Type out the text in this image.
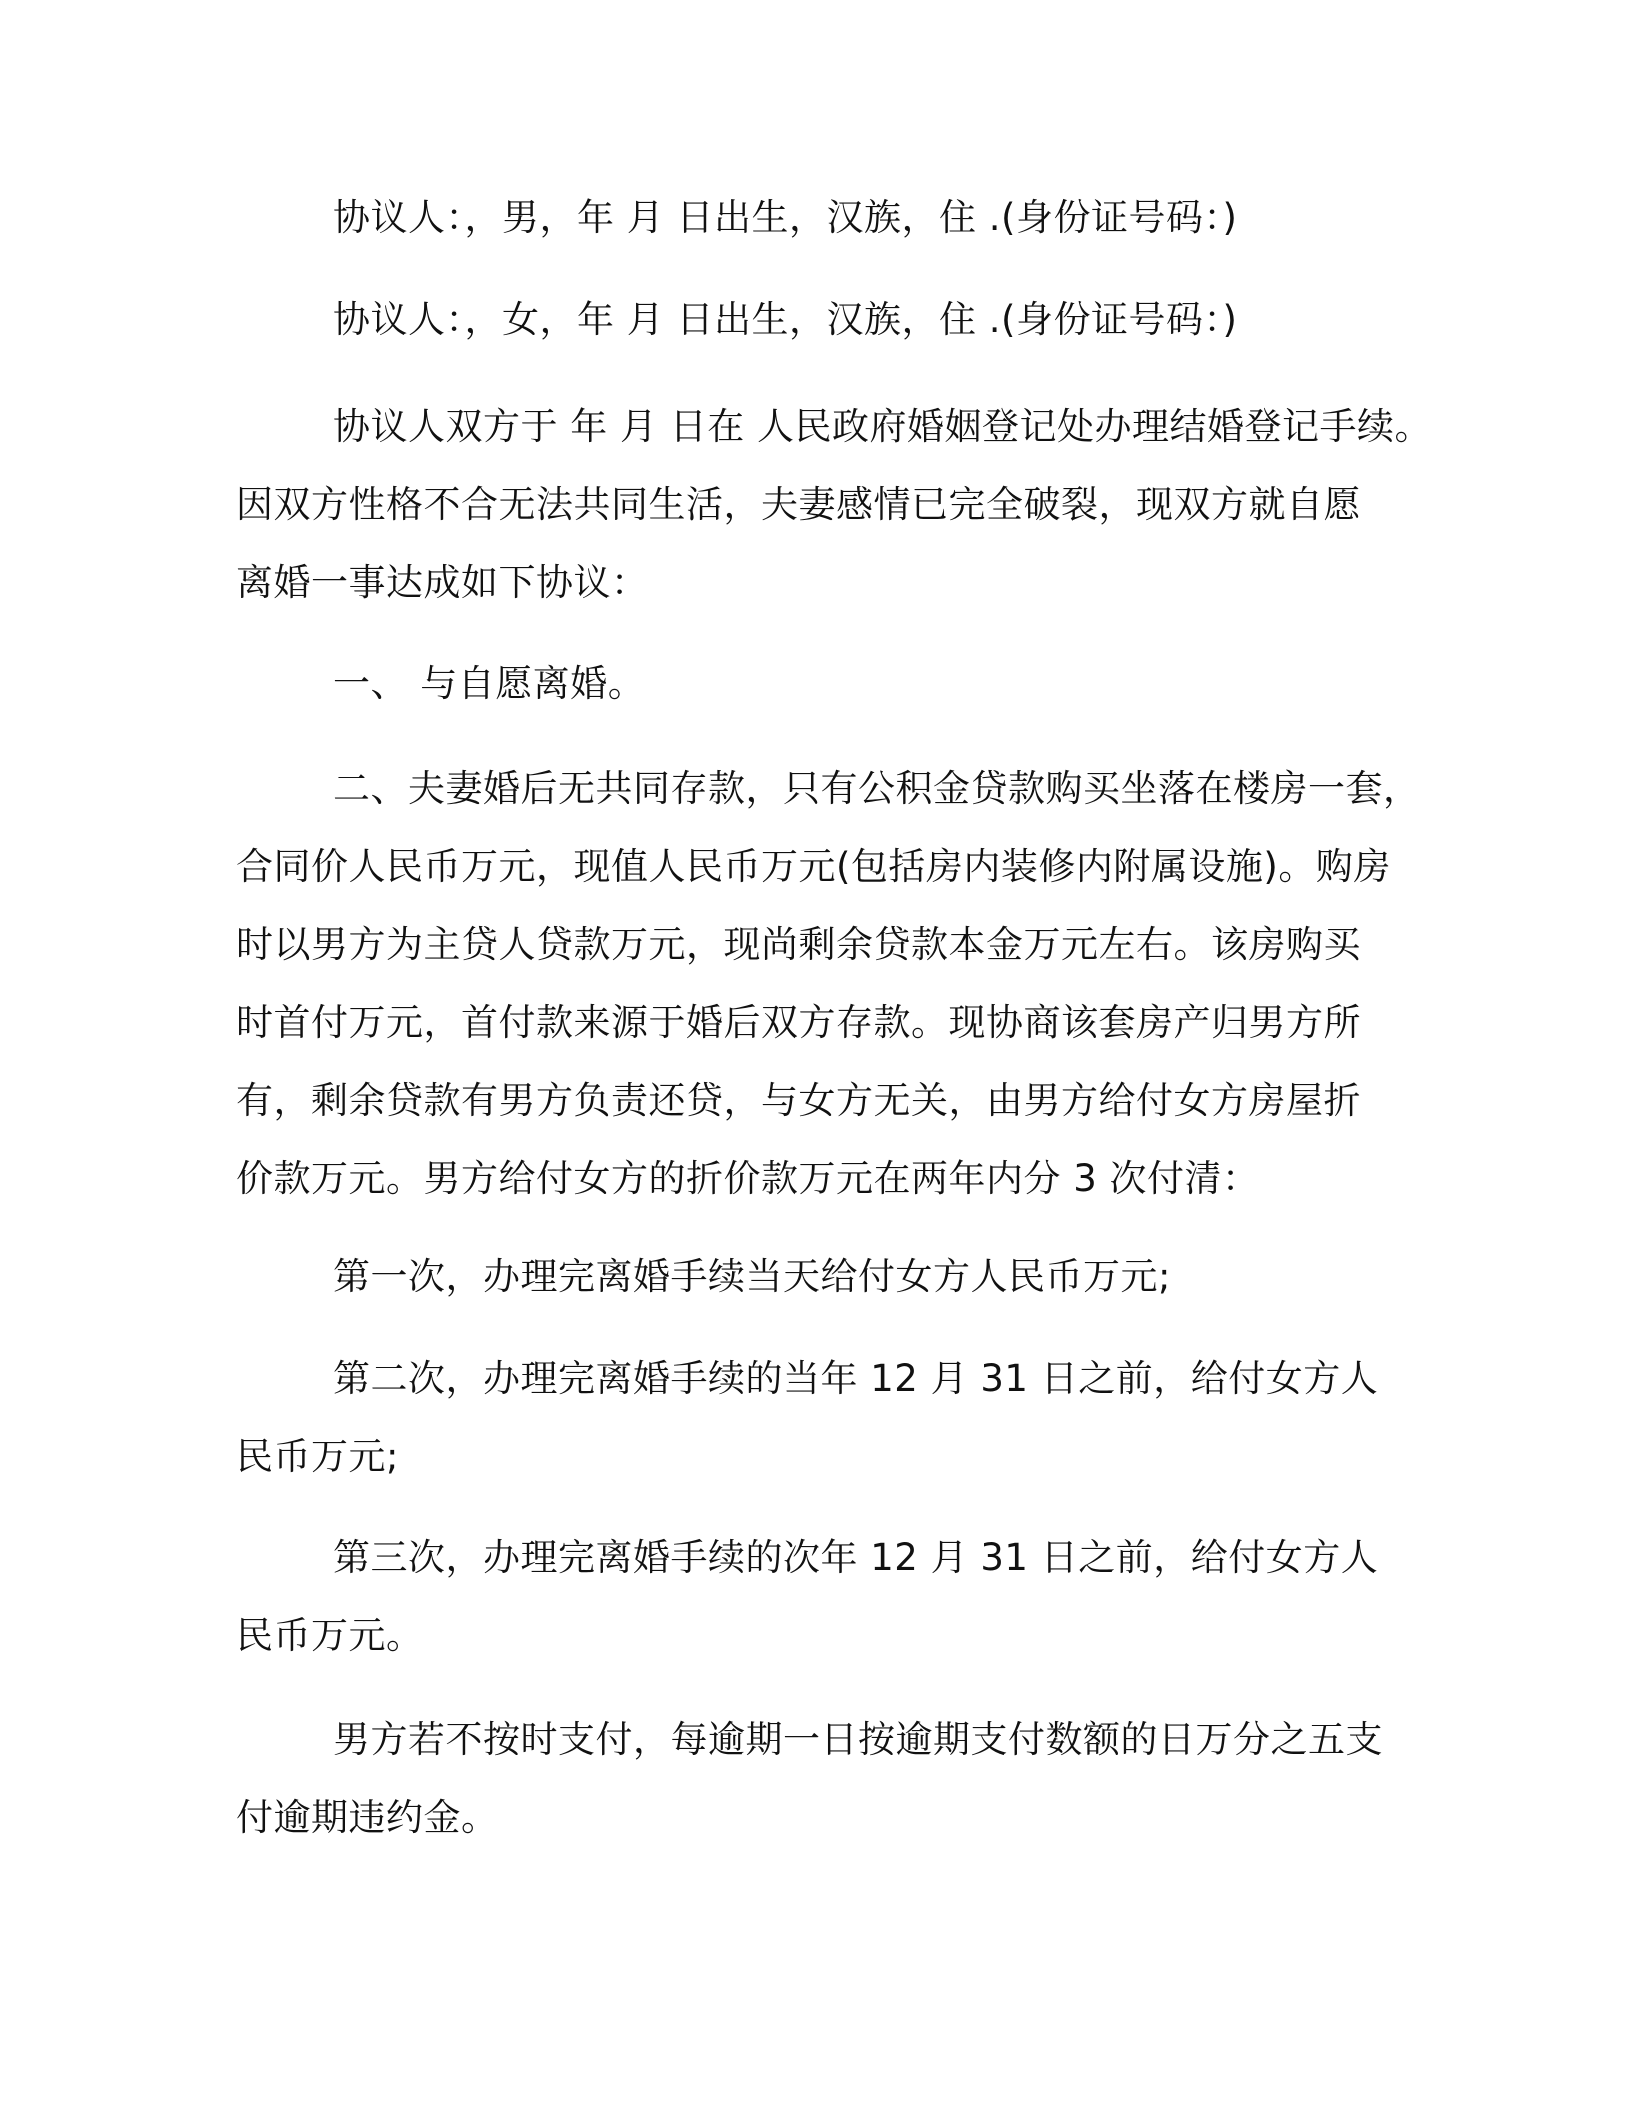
协议人：，男，年 月 日出生，汉族，住 .(身份证号码：)

协议人：，女，年 月 日出生，汉族，住 .(身份证号码：)

协议人双方于 年 月 日在 人民政府婚姻登记处办理结婚登记手续。
因双方性格不合无法共同生活，夫妻感情已完全破裂，现双方就自愿
离婚一事达成如下协议：

一、 与自愿离婚。

二、夫妻婚后无共同存款，只有公积金贷款购买坐落在楼房一套，
合同价人民币万元，现值人民币万元(包括房内装修内附属设施)。购房
时以男方为主贷人贷款万元，现尚剩余贷款本金万元左右。该房购买
时首付万元，首付款来源于婚后双方存款。现协商该套房产归男方所
有，剩余贷款有男方负责还贷，与女方无关，由男方给付女方房屋折
价款万元。男方给付女方的折价款万元在两年内分 3 次付清：

第一次，办理完离婚手续当天给付女方人民币万元;

第二次，办理完离婚手续的当年 12 月 31 日之前，给付女方人
民币万元;

第三次，办理完离婚手续的次年 12 月 31 日之前，给付女方人
民币万元。

男方若不按时支付，每逾期一日按逾期支付数额的日万分之五支
付逾期违约金。
